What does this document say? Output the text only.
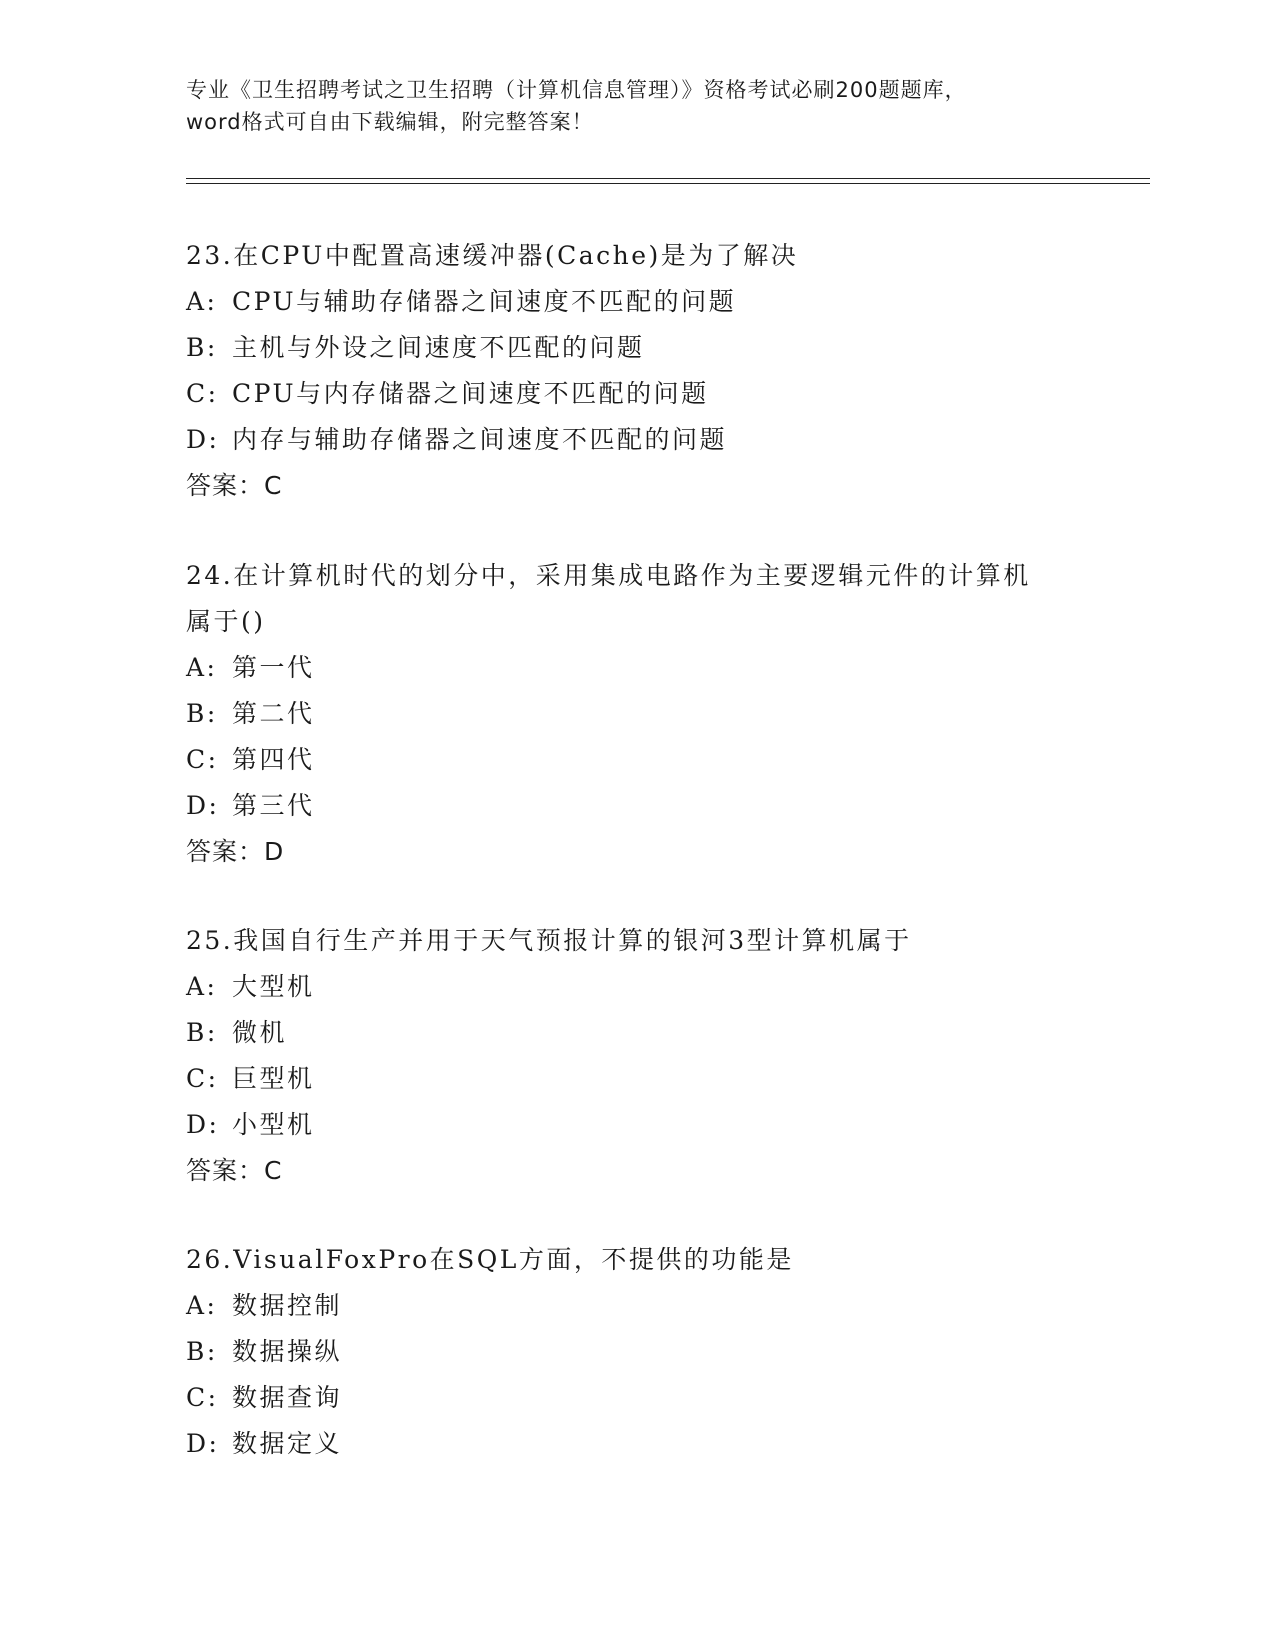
专业《卫生招聘考试之卫生招聘（计算机信息管理）》资格考试必刷200题题库，
word格式可自由下载编辑，附完整答案！
23.在CPU中配置高速缓冲器(Cache)是为了解决
A: CPU与辅助存储器之间速度不匹配的问题
B: 主机与外设之间速度不匹配的问题
C: CPU与内存储器之间速度不匹配的问题
D: 内存与辅助存储器之间速度不匹配的问题
答案：C
24.在计算机时代的划分中，采用集成电路作为主要逻辑元件的计算机
属于()
A: 第一代
B: 第二代
C: 第四代
D: 第三代
答案：D
25.我国自行生产并用于天气预报计算的银河3型计算机属于
A: 大型机
B: 微机
C: 巨型机
D: 小型机
答案：C
26.VisualFoxPro在SQL方面，不提供的功能是
A: 数据控制
B: 数据操纵
C: 数据查询
D: 数据定义
